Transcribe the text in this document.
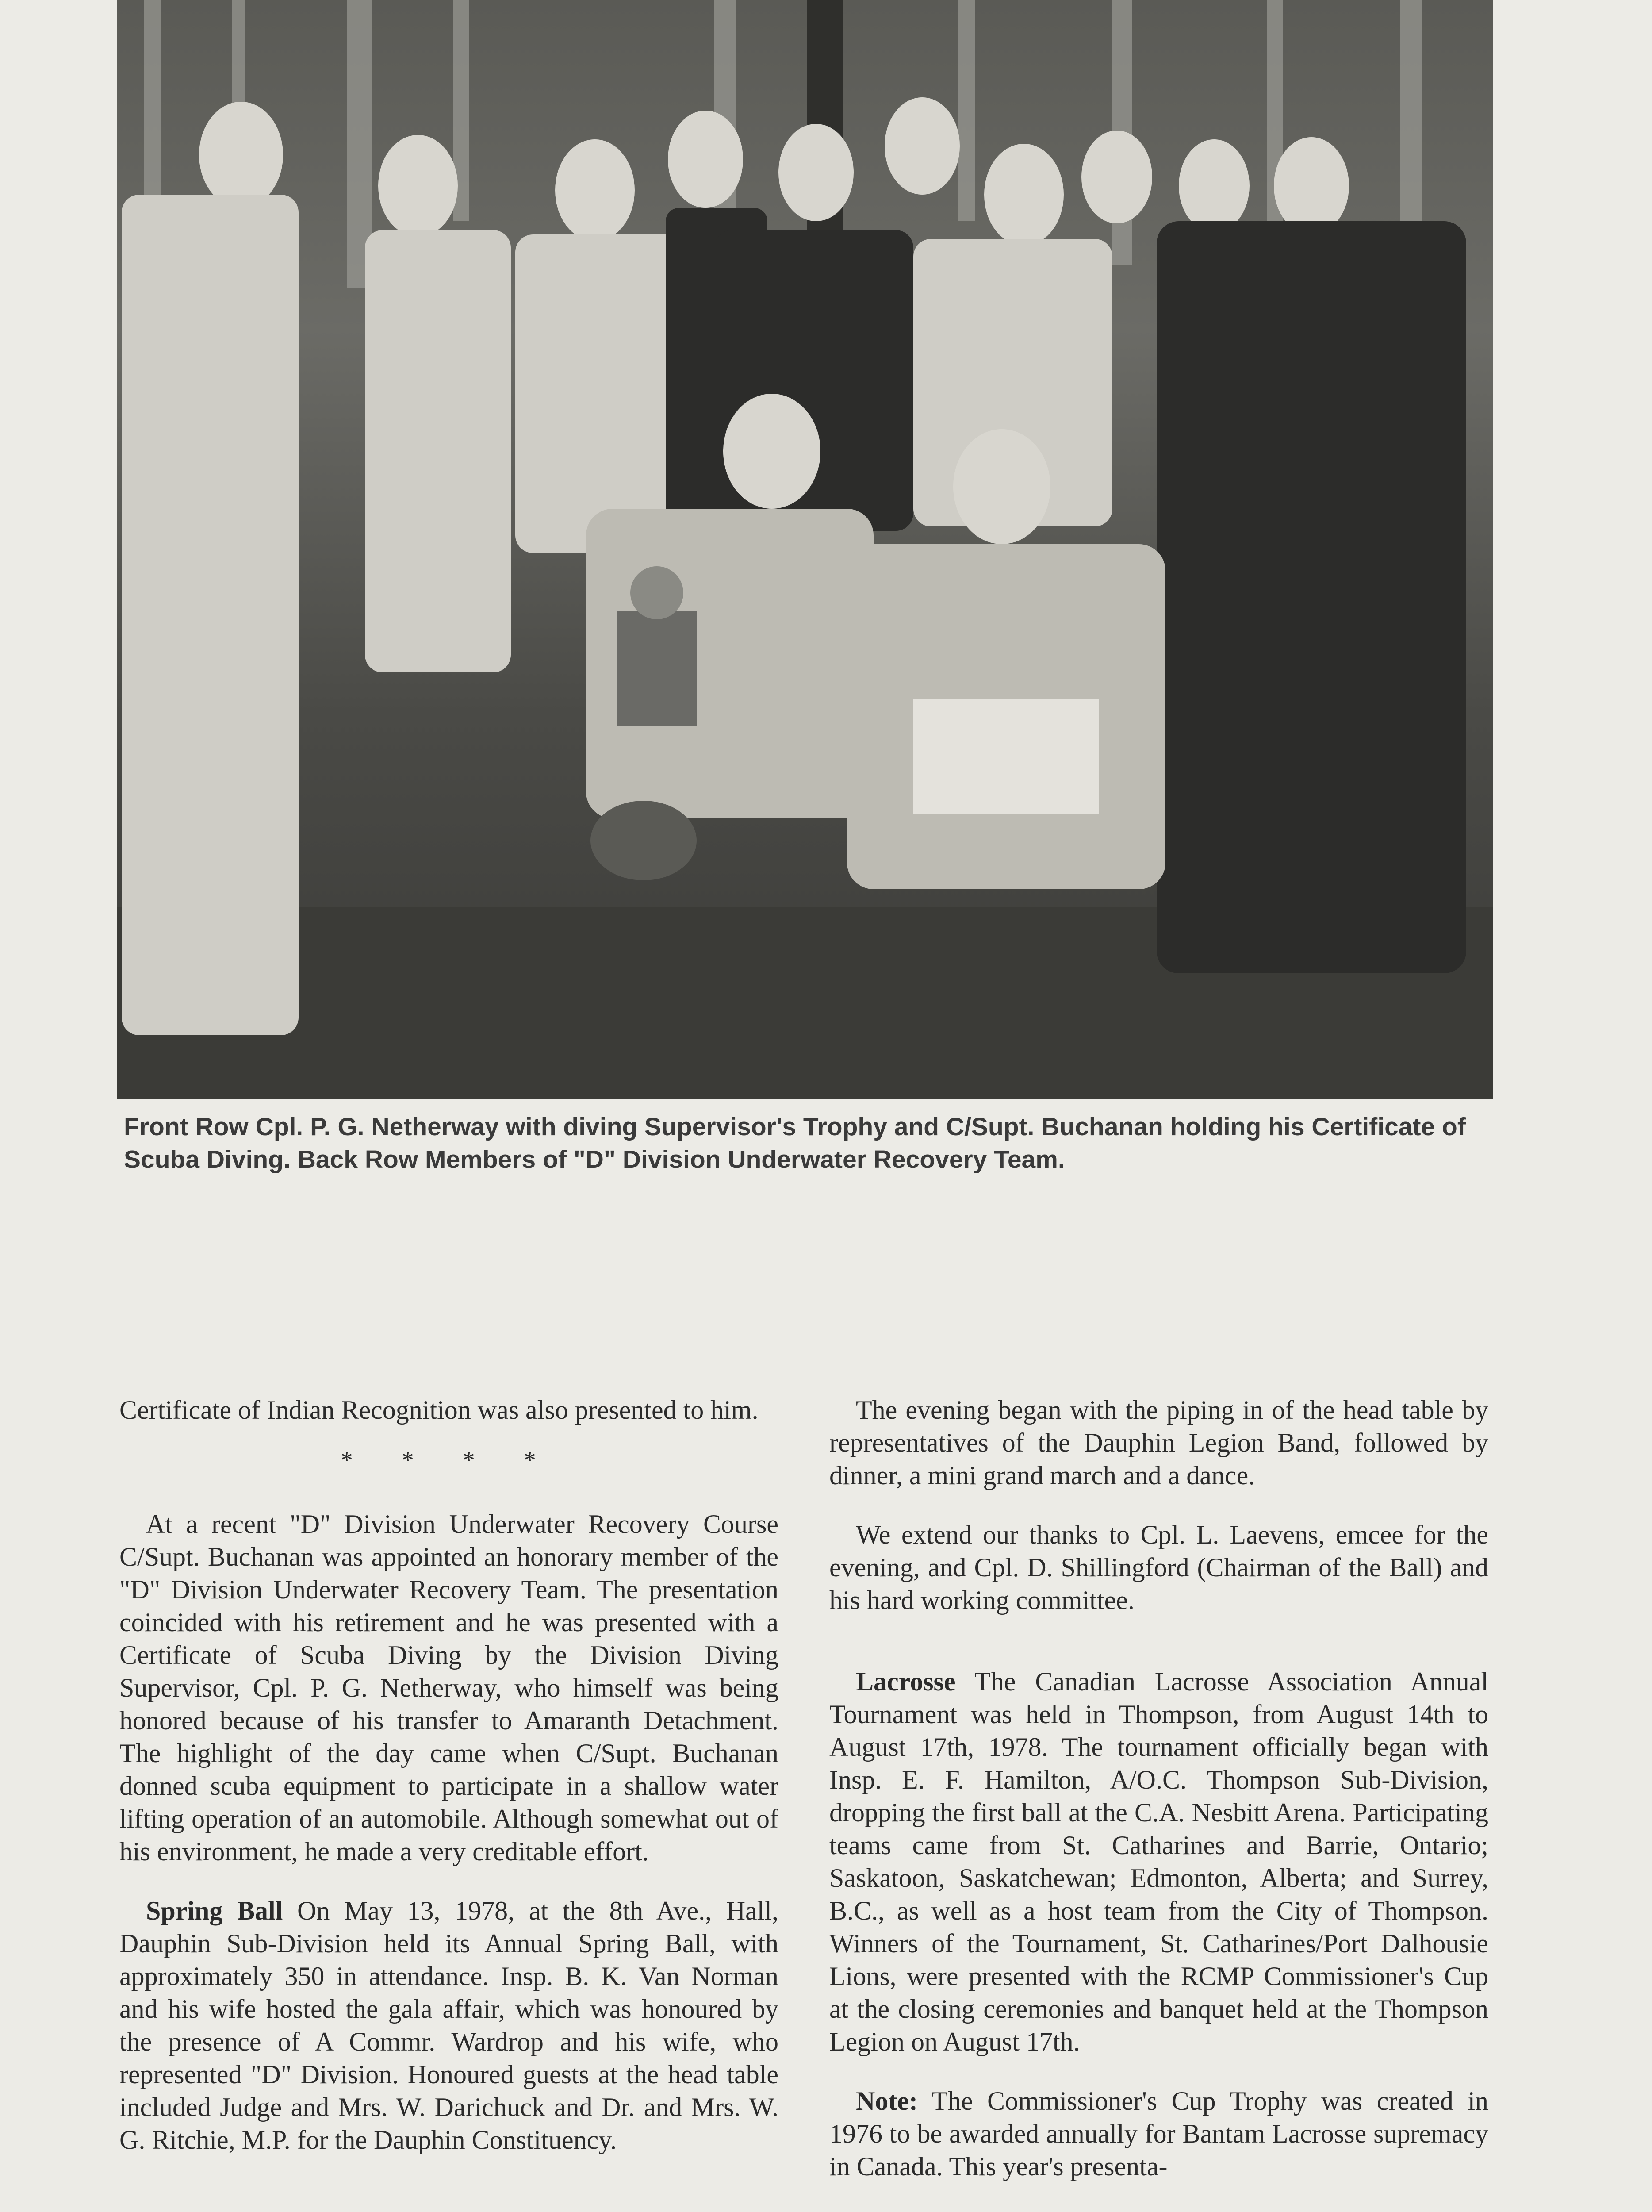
Front Row Cpl. P. G. Netherway with diving Supervisor's Trophy and C/Supt. Buchanan holding his Certificate of Scuba Diving. Back Row Members of "D" Division Underwater Recovery Team.

Certificate of Indian Recognition was also presented to him.

* * * *

At a recent "D" Division Underwater Recovery Course C/Supt. Buchanan was appointed an honorary member of the "D" Division Underwater Recovery Team. The presentation coincided with his retirement and he was presented with a Certificate of Scuba Diving by the Division Diving Supervisor, Cpl. P. G. Netherway, who himself was being honored because of his transfer to Amaranth Detachment. The highlight of the day came when C/Supt. Buchanan donned scuba equipment to participate in a shallow water lifting operation of an automobile. Although somewhat out of his environment, he made a very creditable effort.

Spring Ball On May 13, 1978, at the 8th Ave., Hall, Dauphin Sub-Division held its Annual Spring Ball, with approximately 350 in attendance. Insp. B. K. Van Norman and his wife hosted the gala affair, which was honoured by the presence of A Commr. Wardrop and his wife, who represented "D" Division. Honoured guests at the head table included Judge and Mrs. W. Darichuck and Dr. and Mrs. W. G. Ritchie, M.P. for the Dauphin Constituency.

The evening began with the piping in of the head table by representatives of the Dauphin Legion Band, followed by dinner, a mini grand march and a dance.

We extend our thanks to Cpl. L. Laevens, emcee for the evening, and Cpl. D. Shillingford (Chairman of the Ball) and his hard working committee.

Lacrosse The Canadian Lacrosse Association Annual Tournament was held in Thompson, from August 14th to August 17th, 1978. The tournament officially began with Insp. E. F. Hamilton, A/O.C. Thompson Sub-Division, dropping the first ball at the C.A. Nesbitt Arena. Participating teams came from St. Catharines and Barrie, Ontario; Saskatoon, Saskatchewan; Edmonton, Alberta; and Surrey, B.C., as well as a host team from the City of Thompson. Winners of the Tournament, St. Catharines/Port Dalhousie Lions, were presented with the RCMP Commissioner's Cup at the closing ceremonies and banquet held at the Thompson Legion on August 17th.

Note: The Commissioner's Cup Trophy was created in 1976 to be awarded annually for Bantam Lacrosse supremacy in Canada. This year's presenta-
